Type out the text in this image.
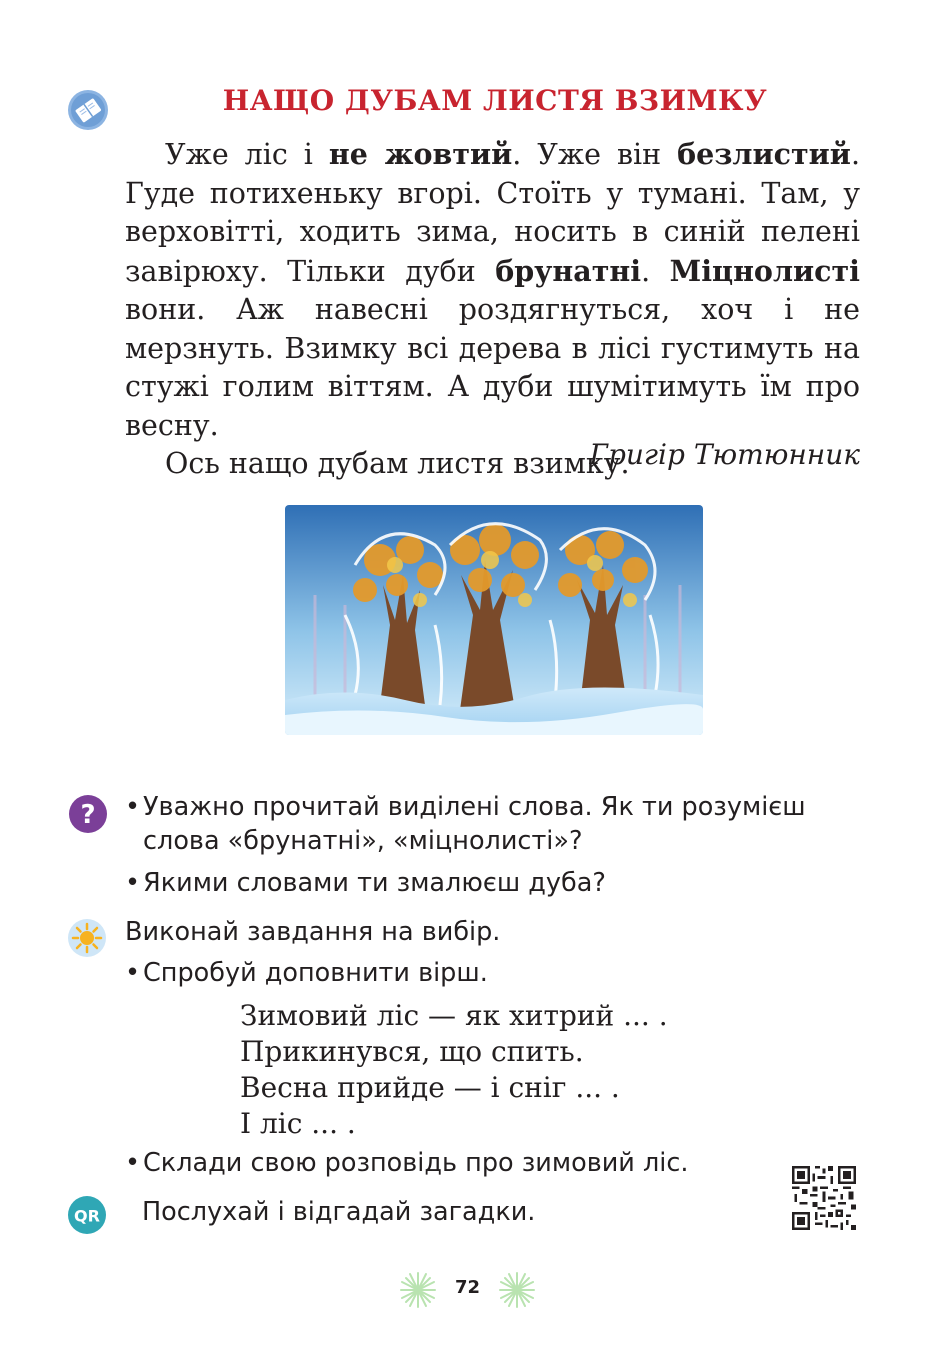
НАЩО ДУБАМ ЛИСТЯ ВЗИМКУ

Уже ліс і не жовтий. Уже він безлистий. Гуде потихеньку вгорі. Стоїть у тумані. Там, у верховітті, ходить зима, носить в синій пелені завірюху. Тільки дуби брунатні. Міцнолисті вони. Аж навесні роздягнуться, хоч і не мерзнуть. Взимку всі дерева в лісі густимуть на стужі голим віттям. А дуби шумітимуть їм про весну.

Ось нащо дубам листя взимку.

Григір Тютюнник
? • Уважно прочитай виділені слова. Як ти розумієш
слова «брунатні», «міцнолисті»?
• Якими словами ти змалюєш дуба?
Виконай завдання на вибір.
• Спробуй доповнити вірш.
Зимовий ліс — як хитрий ... .
Прикинувся, що спить.
Весна прийде — і сніг ... .
І ліс ... .
• Склади свою розповідь про зимовий ліс.
QR Послухай і відгадай загадки.
72
